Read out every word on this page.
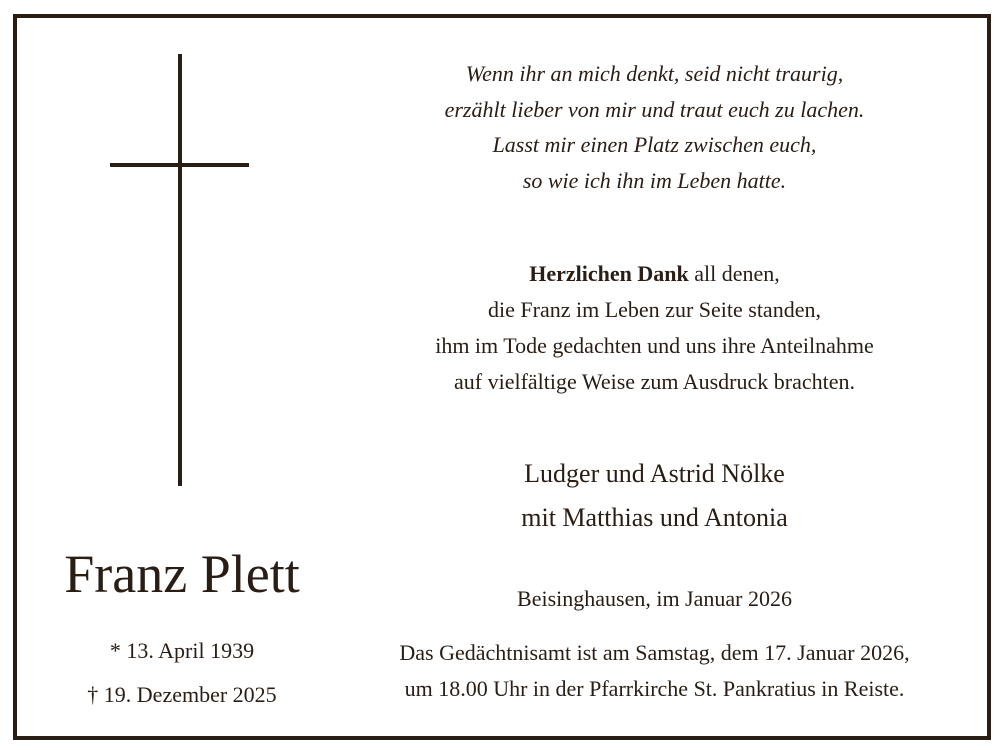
Franz Plett
* 13. April 1939
† 19. Dezember 2025
Wenn ihr an mich denkt, seid nicht traurig,
erzählt lieber von mir und traut euch zu lachen.
Lasst mir einen Platz zwischen euch,
so wie ich ihn im Leben hatte.
Herzlichen Dank all denen,
die Franz im Leben zur Seite standen,
ihm im Tode gedachten und uns ihre Anteilnahme
auf vielfältige Weise zum Ausdruck brachten.
Ludger und Astrid Nölke
mit Matthias und Antonia
Beisinghausen, im Januar 2026
Das Gedächtnisamt ist am Samstag, dem 17. Januar 2026,
um 18.00 Uhr in der Pfarrkirche St. Pankratius in Reiste.
